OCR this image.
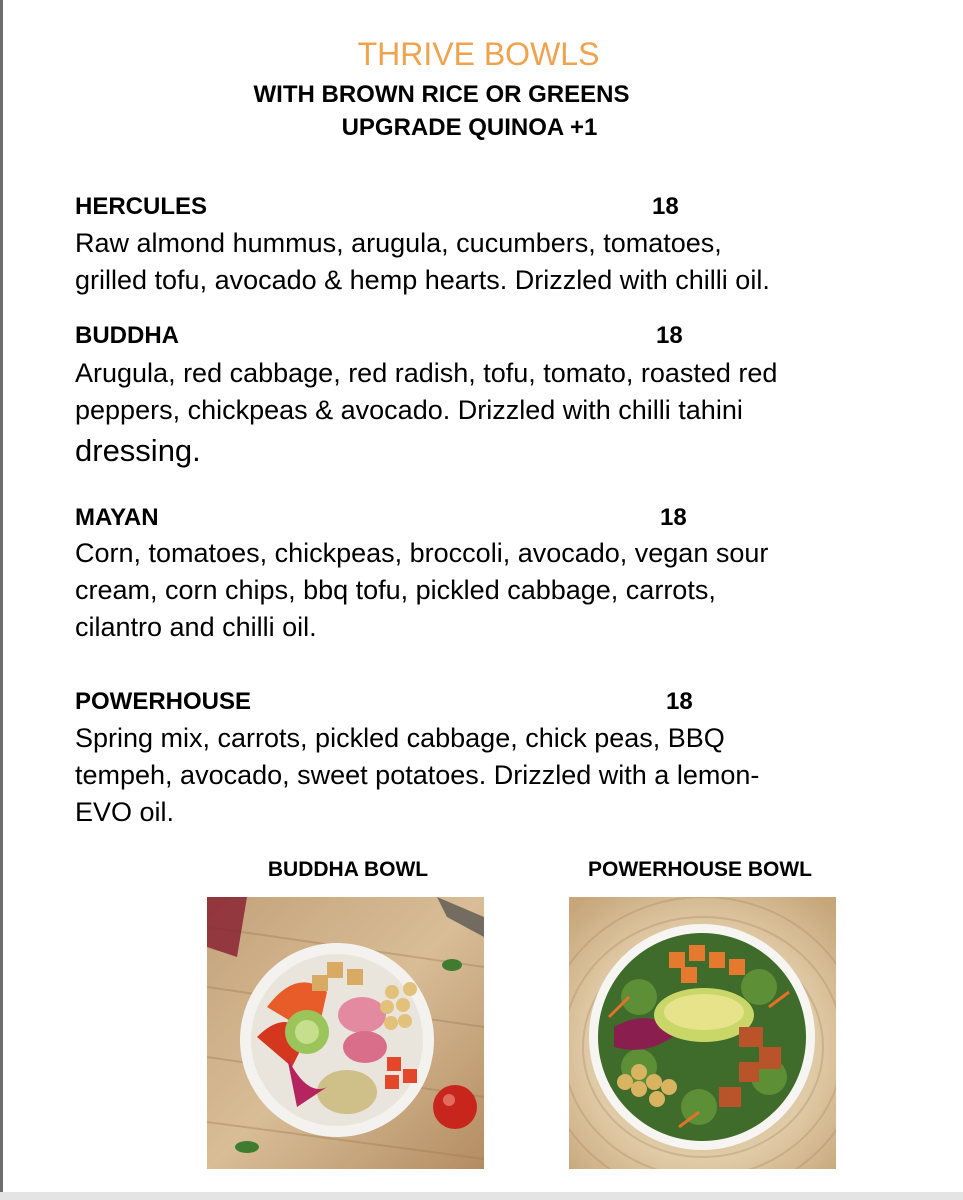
THRIVE BOWLS
WITH BROWN RICE OR GREENS
UPGRADE QUINOA +1
HERCULES	18
Raw almond hummus, arugula, cucumbers, tomatoes,
grilled tofu, avocado & hemp hearts. Drizzled with chilli oil.
BUDDHA	18
Arugula, red cabbage, red radish, tofu, tomato, roasted red
peppers, chickpeas & avocado. Drizzled with chilli tahini
dressing.
MAYAN	18
Corn, tomatoes, chickpeas, broccoli, avocado, vegan sour
cream, corn chips, bbq tofu, pickled cabbage, carrots,
cilantro and chilli oil.
POWERHOUSE	18
Spring mix, carrots, pickled cabbage, chick peas, BBQ
tempeh, avocado, sweet potatoes. Drizzled with a lemon-
EVO oil.
BUDDHA BOWL	POWERHOUSE BOWL
